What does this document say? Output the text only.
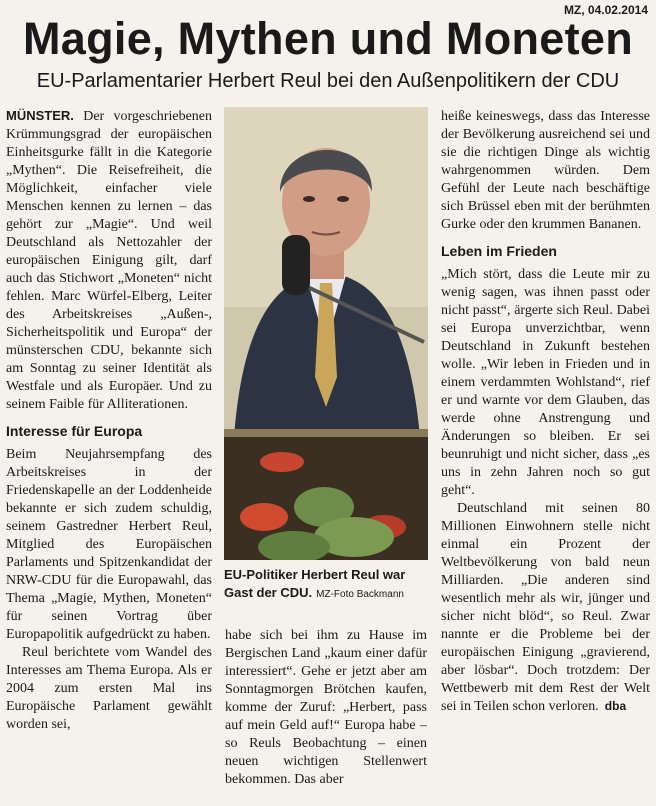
MZ, 04.02.2014
Magie, Mythen und Moneten
EU-Parlamentarier Herbert Reul bei den Außenpolitikern der CDU

MÜNSTER. Der vorgeschriebenen Krümmungsgrad der europäischen Einheitsgurke fällt in die Kategorie „Mythen“. Die Reisefreiheit, die Möglichkeit, einfacher viele Menschen kennen zu lernen – das gehört zur „Magie“. Und weil Deutschland als Nettozahler der europäischen Einigung gilt, darf auch das Stichwort „Moneten“ nicht fehlen. Marc Würfel-Elberg, Leiter des Arbeitskreises „Außen-, Sicherheitspolitik und Europa“ der münsterschen CDU, bekannte sich am Sonntag zu seiner Identität als Westfale und als Europäer. Und zu seinem Faible für Alliterationen.

Interesse für Europa

Beim Neujahrsempfang des Arbeitskreises in der Friedenskapelle an der Loddenheide bekannte er sich zudem schuldig, seinem Gastredner Herbert Reul, Mitglied des Europäischen Parlaments und Spitzenkandidat der NRW-CDU für die Europawahl, das Thema „Magie, Mythen, Moneten“ für seinen Vortrag über Europapolitik aufgedrückt zu haben.

Reul berichtete vom Wandel des Interesses am Thema Europa. Als er 2004 zum ersten Mal ins Europäische Parlament gewählt worden sei,

EU-Politiker Herbert Reul war Gast der CDU. MZ-Foto Backmann

habe sich bei ihm zu Hause im Bergischen Land „kaum einer dafür interessiert“. Gehe er jetzt aber am Sonntagmorgen Brötchen kaufen, komme der Zuruf: „Herbert, pass auf mein Geld auf!“ Europa habe – so Reuls Beobachtung – einen neuen wichtigen Stellenwert bekommen. Das aber

heiße keineswegs, dass das Interesse der Bevölkerung ausreichend sei und sie die richtigen Dinge als wichtig wahrgenommen würden. Dem Gefühl der Leute nach beschäftige sich Brüssel eben mit der berühmten Gurke oder den krummen Bananen.

Leben im Frieden

„Mich stört, dass die Leute mir zu wenig sagen, was ihnen passt oder nicht passt“, ärgerte sich Reul. Dabei sei Europa unverzichtbar, wenn Deutschland in Zukunft bestehen wolle. „Wir leben in Frieden und in einem verdammten Wohlstand“, rief er und warnte vor dem Glauben, das werde ohne Anstrengung und Änderungen so bleiben. Er sei beunruhigt und nicht sicher, dass „es uns in zehn Jahren noch so gut geht“.

Deutschland mit seinen 80 Millionen Einwohnern stelle nicht einmal ein Prozent der Weltbevölkerung von bald neun Milliarden. „Die anderen sind wesentlich mehr als wir, jünger und sicher nicht blöd“, so Reul. Zwar nannte er die Probleme bei der europäischen Einigung „gravierend, aber lösbar“. Doch trotzdem: Der Wettbewerb mit dem Rest der Welt sei in Teilen schon verloren. dba
